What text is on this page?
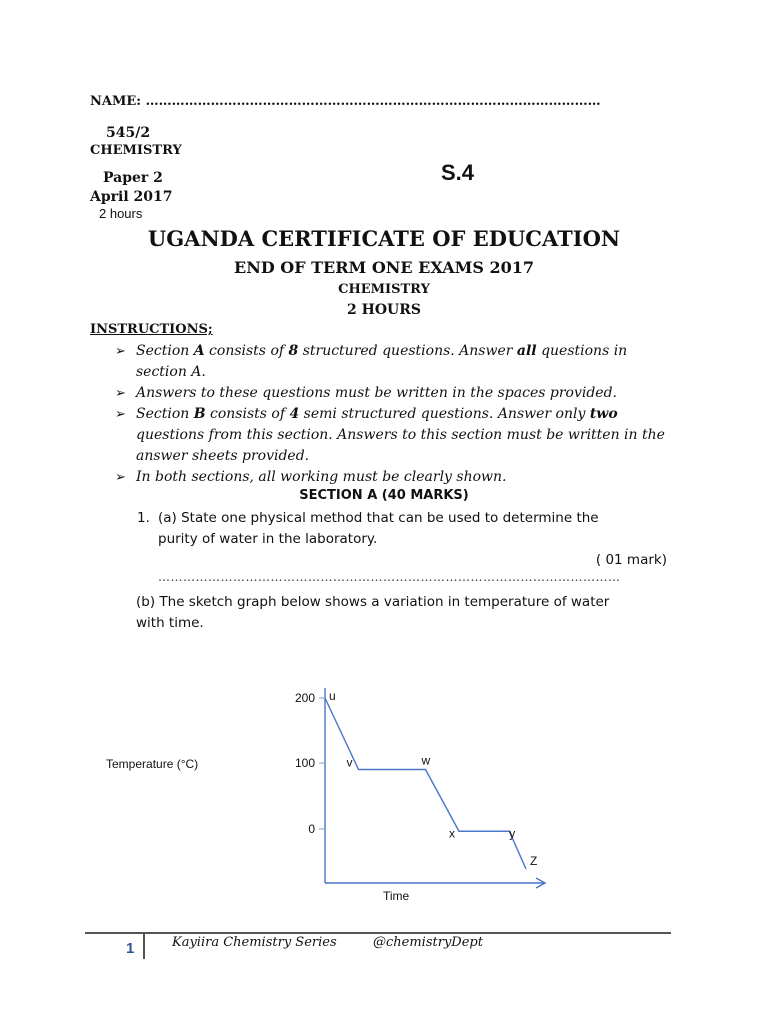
NAME: ……………………………………………………………………………………………
545/2
CHEMISTRY
Paper 2	S.4
April 2017
2 hours
UGANDA CERTIFICATE OF EDUCATION
END OF TERM ONE EXAMS 2017
CHEMISTRY
2 HOURS
INSTRUCTIONS;
➢ Section A consists of 8 structured questions. Answer all questions in section A.
➢ Answers to these questions must be written in the spaces provided.
➢ Section B consists of 4 semi structured questions. Answer only two questions from this section. Answers to this section must be written in the answer sheets provided.
➢ In both sections, all working must be clearly shown.
SECTION A (40 MARKS)
1. (a) State one physical method that can be used to determine the
purity of water in the laboratory.
( 01 mark)
…………………………………………………………………………………………………
(b) The sketch graph below shows a variation in temperature of water
with time.
Temperature (°C)
Time
200
100
0
u
v	w
x	y
Z
1	Kayiira Chemistry Series	@chemistryDept
